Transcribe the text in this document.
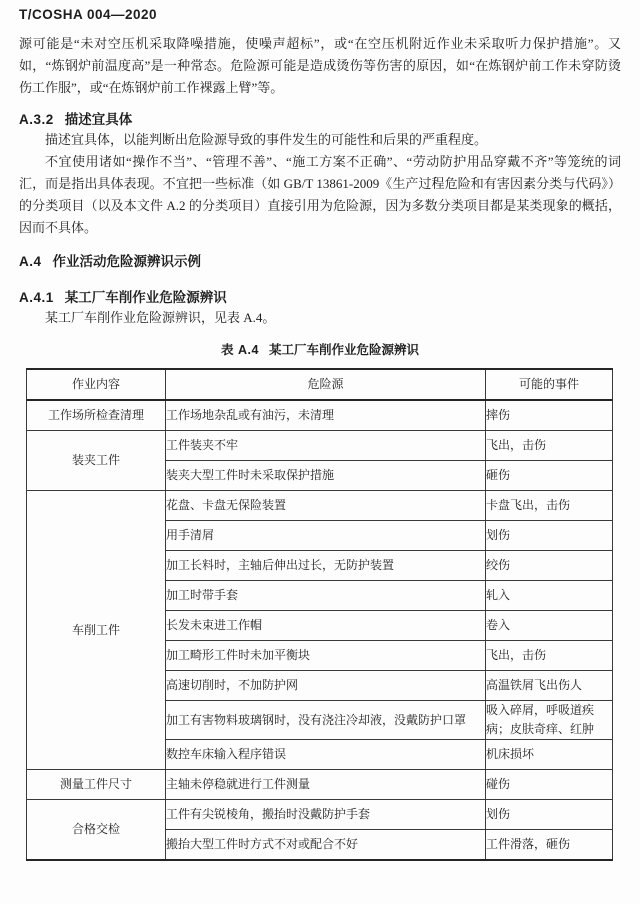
T/COSHA 004—2020

源可能是“未对空压机采取降噪措施，使噪声超标”，或“在空压机附近作业未采取听力保护措施”。又如，“炼钢炉前温度高”是一种常态。危险源可能是造成烫伤等伤害的原因，如“在炼钢炉前工作未穿防烫伤工作服”，或“在炼钢炉前工作裸露上臂”等。

A.3.2 描述宜具体

描述宜具体，以能判断出危险源导致的事件发生的可能性和后果的严重程度。

不宜使用诸如“操作不当”、“管理不善”、“施工方案不正确”、“劳动防护用品穿戴不齐”等笼统的词汇，而是指出具体表现。不宜把一些标准（如 GB/T 13861-2009《生产过程危险和有害因素分类与代码》）的分类项目（以及本文件 A.2 的分类项目）直接引用为危险源，因为多数分类项目都是某类现象的概括，因而不具体。

A.4 作业活动危险源辨识示例
A.4.1 某工厂车削作业危险源辨识

某工厂车削作业危险源辨识，见表 A.4。

表 A.4 某工厂车削作业危险源辨识
作业内容	危险源	可能的事件
工作场所检查清理	工作场地杂乱或有油污，未清理	摔伤
装夹工件	工件装夹不牢	飞出，击伤
	装夹大型工件时未采取保护措施	砸伤
车削工件	花盘、卡盘无保险装置	卡盘飞出，击伤
	用手清屑	划伤
	加工长料时，主轴后伸出过长，无防护装置	绞伤
	加工时带手套	轧入
	长发未束进工作帽	卷入
	加工畸形工件时未加平衡块	飞出，击伤
	高速切削时，不加防护网	高温铁屑飞出伤人
	加工有害物料玻璃钢时，没有浇注冷却液，没戴防护口罩	吸入碎屑，呼吸道疾病；皮肤奇痒、红肿
	数控车床输入程序错误	机床损坏
测量工件尺寸	主轴未停稳就进行工件测量	碰伤
合格交检	工件有尖锐棱角，搬抬时没戴防护手套	划伤
	搬抬大型工件时方式不对或配合不好	工件滑落，砸伤
